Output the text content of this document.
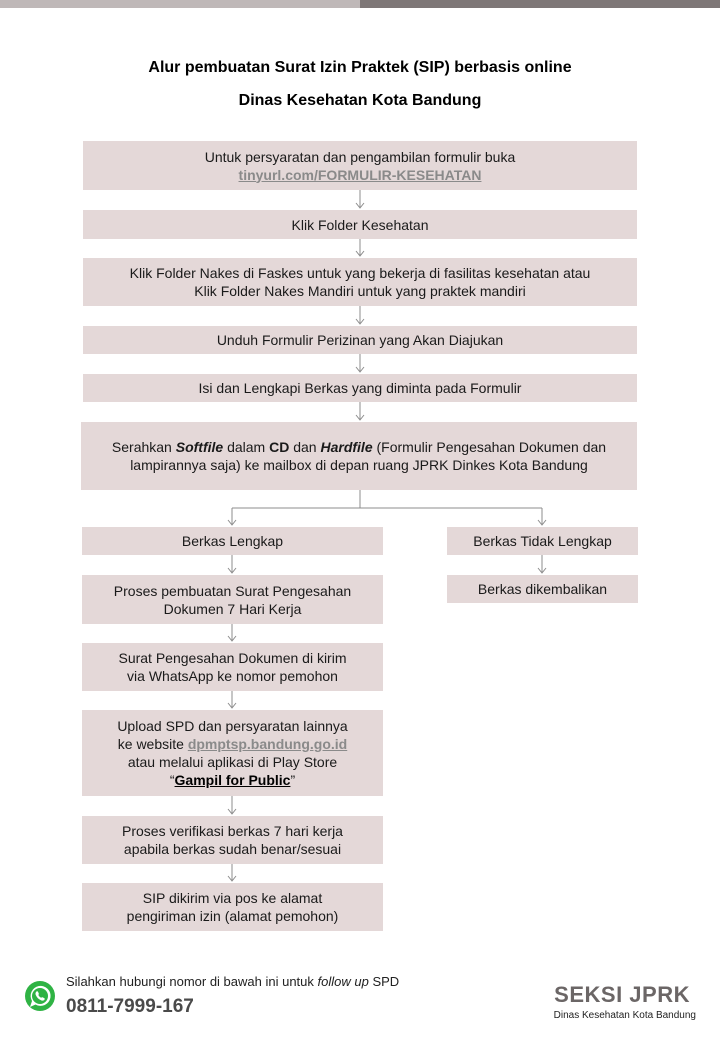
Alur pembuatan Surat Izin Praktek (SIP) berbasis online
Dinas Kesehatan Kota Bandung
Untuk persyaratan dan pengambilan formulir buka
tinyurl.com/FORMULIR-KESEHATAN
Klik Folder Kesehatan
Klik Folder Nakes di Faskes untuk yang bekerja di fasilitas kesehatan atau
Klik Folder Nakes Mandiri untuk yang praktek mandiri
Unduh Formulir Perizinan yang Akan Diajukan
Isi dan Lengkapi Berkas yang diminta pada Formulir
Serahkan Softfile dalam CD dan Hardfile (Formulir Pengesahan Dokumen dan lampirannya saja) ke mailbox di depan ruang JPRK Dinkes Kota Bandung
Berkas Lengkap
Proses pembuatan Surat Pengesahan
Dokumen 7 Hari Kerja
Surat Pengesahan Dokumen di kirim
via WhatsApp ke nomor pemohon
Upload SPD dan persyaratan lainnya
ke website dpmptsp.bandung.go.id
atau melalui aplikasi di Play Store
“Gampil for Public”
Proses verifikasi berkas 7 hari kerja
apabila berkas sudah benar/sesuai
SIP dikirim via pos ke alamat
pengiriman izin (alamat pemohon)
Berkas Tidak Lengkap
Berkas dikembalikan
Silahkan hubungi nomor di bawah ini untuk follow up SPD
0811-7999-167	SEKSI JPRK
Dinas Kesehatan Kota Bandung
